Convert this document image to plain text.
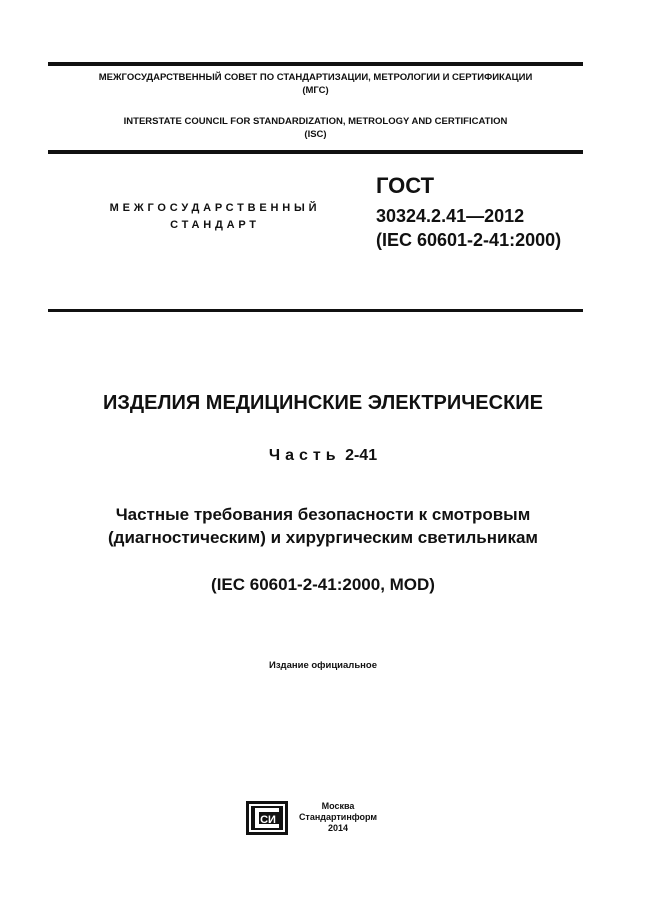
МЕЖГОСУДАРСТВЕННЫЙ СОВЕТ ПО СТАНДАРТИЗАЦИИ, МЕТРОЛОГИИ И СЕРТИФИКАЦИИ
(МГС)
INTERSTATE COUNCIL FOR STANDARDIZATION, METROLOGY AND CERTIFICATION
(ISC)
МЕЖГОСУДАРСТВЕННЫЙ
СТАНДАРТ
ГОСТ
30324.2.41—2012
(IEC 60601-2-41:2000)
ИЗДЕЛИЯ МЕДИЦИНСКИЕ ЭЛЕКТРИЧЕСКИЕ
Часть 2-41
Частные требования безопасности к смотровым
(диагностическим) и хирургическим светильникам
(IEC 60601-2-41:2000, MOD)
Издание официальное
СИ
Москва
Стандартинформ
2014
